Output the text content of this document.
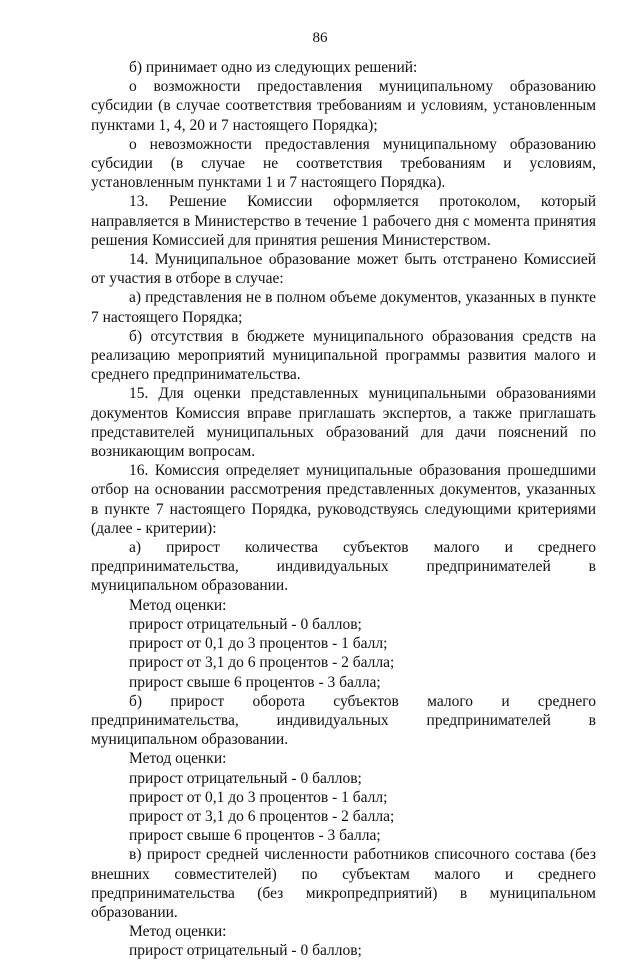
86

б) принимает одно из следующих решений:

о возможности предоставления муниципальному образованию субсидии (в случае соответствия требованиям и условиям, установленным пунктами 1, 4, 20 и 7 настоящего Порядка);

о невозможности предоставления муниципальному образованию субсидии (в случае не соответствия требованиям и условиям, установленным пунктами 1 и 7 настоящего Порядка).

13. Решение Комиссии оформляется протоколом, который направляется в Министерство в течение 1 рабочего дня с момента принятия решения Комиссией для принятия решения Министерством.

14. Муниципальное образование может быть отстранено Комиссией от участия в отборе в случае:

а) представления не в полном объеме документов, указанных в пункте 7 настоящего Порядка;

б) отсутствия в бюджете муниципального образования средств на реализацию мероприятий муниципальной программы развития малого и среднего предпринимательства.

15. Для оценки представленных муниципальными образованиями документов Комиссия вправе приглашать экспертов, а также приглашать представителей муниципальных образований для дачи пояснений по возникающим вопросам.

16. Комиссия определяет муниципальные образования прошедшими отбор на основании рассмотрения представленных документов, указанных в пункте 7 настоящего Порядка, руководствуясь следующими критериями (далее - критерии):

а) прирост количества субъектов малого и среднего предпринимательства, индивидуальных предпринимателей в муниципальном образовании.

Метод оценки:

прирост отрицательный - 0 баллов;

прирост от 0,1 до 3 процентов - 1 балл;

прирост от 3,1 до 6 процентов - 2 балла;

прирост свыше 6 процентов - 3 балла;

б) прирост оборота субъектов малого и среднего предпринимательства, индивидуальных предпринимателей в муниципальном образовании.

Метод оценки:

прирост отрицательный - 0 баллов;

прирост от 0,1 до 3 процентов - 1 балл;

прирост от 3,1 до 6 процентов - 2 балла;

прирост свыше 6 процентов - 3 балла;

в) прирост средней численности работников списочного состава (без внешних совместителей) по субъектам малого и среднего предпринимательства (без микропредприятий) в муниципальном образовании.

Метод оценки:

прирост отрицательный - 0 баллов;
